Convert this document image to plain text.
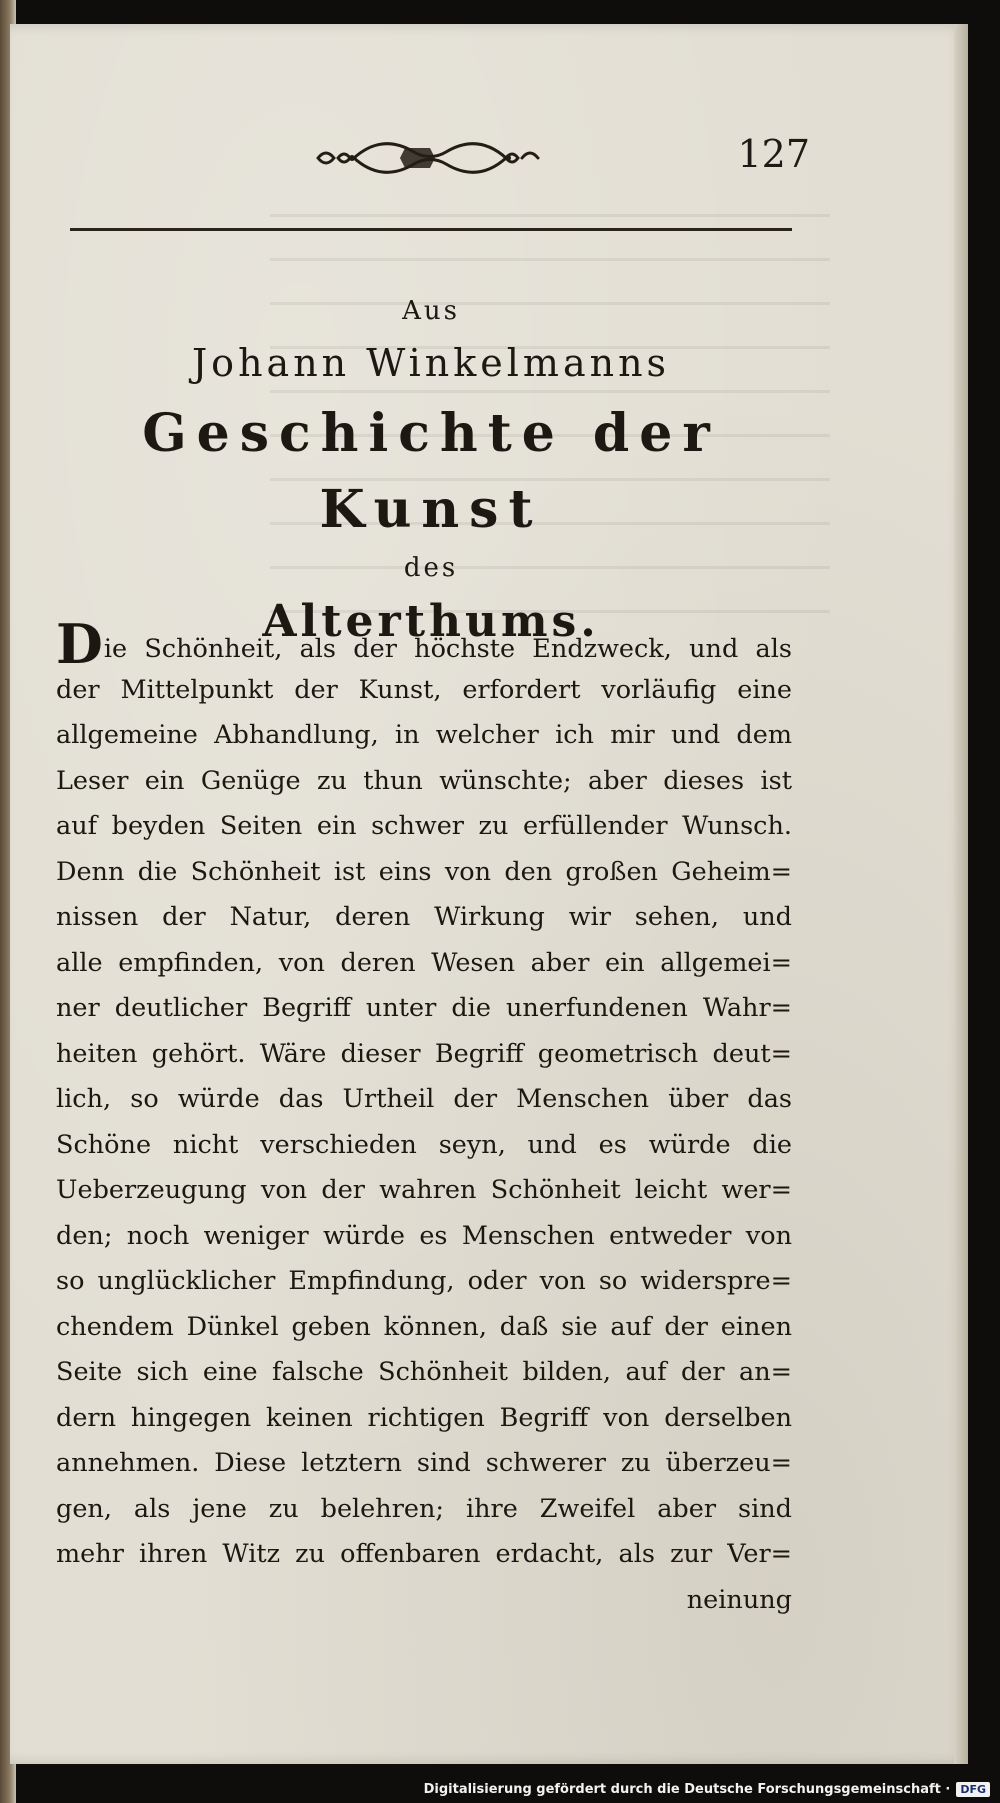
127
Aus
Johann Winkelmanns
Geschichte der Kunst
des
Alterthums.
Die Schönheit, als der höchste Endzweck, und als
der Mittelpunkt der Kunst, erfordert vorläufig eine
allgemeine Abhandlung, in welcher ich mir und dem
Leser ein Genüge zu thun wünschte; aber dieses ist
auf beyden Seiten ein schwer zu erfüllender Wunsch.
Denn die Schönheit ist eins von den großen Geheim=
nissen der Natur, deren Wirkung wir sehen, und
alle empfinden, von deren Wesen aber ein allgemei=
ner deutlicher Begriff unter die unerfundenen Wahr=
heiten gehört. Wäre dieser Begriff geometrisch deut=
lich, so würde das Urtheil der Menschen über das
Schöne nicht verschieden seyn, und es würde die
Ueberzeugung von der wahren Schönheit leicht wer=
den; noch weniger würde es Menschen entweder von
so unglücklicher Empfindung, oder von so widerspre=
chendem Dünkel geben können, daß sie auf der einen
Seite sich eine falsche Schönheit bilden, auf der an=
dern hingegen keinen richtigen Begriff von derselben
annehmen. Diese letztern sind schwerer zu überzeu=
gen, als jene zu belehren; ihre Zweifel aber sind
mehr ihren Witz zu offenbaren erdacht, als zur Ver=
neinung
Digitalisierung gefördert durch die Deutsche Forschungsgemeinschaft · DFG
